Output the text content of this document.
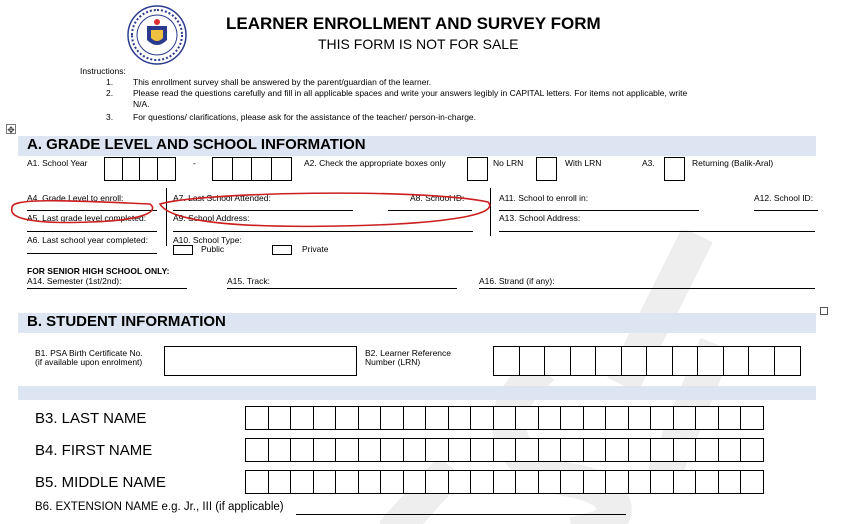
LEARNER ENROLLMENT AND SURVEY FORM
THIS FORM IS NOT FOR SALE
Instructions:
1. This enrollment survey shall be answered by the parent/guardian of the learner.
2. Please read the questions carefully and fill in all applicable spaces and write your answers legibly in CAPITAL letters. For items not applicable, write
N/A.
3. For questions/ clarifications, please ask for the assistance of the teacher/ person-in-charge.
✥
A. GRADE LEVEL AND SCHOOL INFORMATION
A1. School Year	-	A2. Check the appropriate boxes only	No LRN	With LRN	A3.	Returning (Balik-Aral)
A4. Grade Level to enroll:	A7. Last School Attended:	A8. School ID:	A11. School to enroll in:	A12. School ID:
A5. Last grade level completed:	A9. School Address:	A13. School Address:
A6. Last school year completed:	A10. School Type:
Public	Private
FOR SENIOR HIGH SCHOOL ONLY:
A14. Semester (1st/2nd):	A15. Track:	A16. Strand (if any):
B. STUDENT INFORMATION
B1. PSA Birth Certificate No.
(if available upon enrolment)
B2. Learner Reference
Number (LRN)
B3. LAST NAME
B4. FIRST NAME
B5. MIDDLE NAME
B6. EXTENSION NAME e.g. Jr., III (if applicable)
